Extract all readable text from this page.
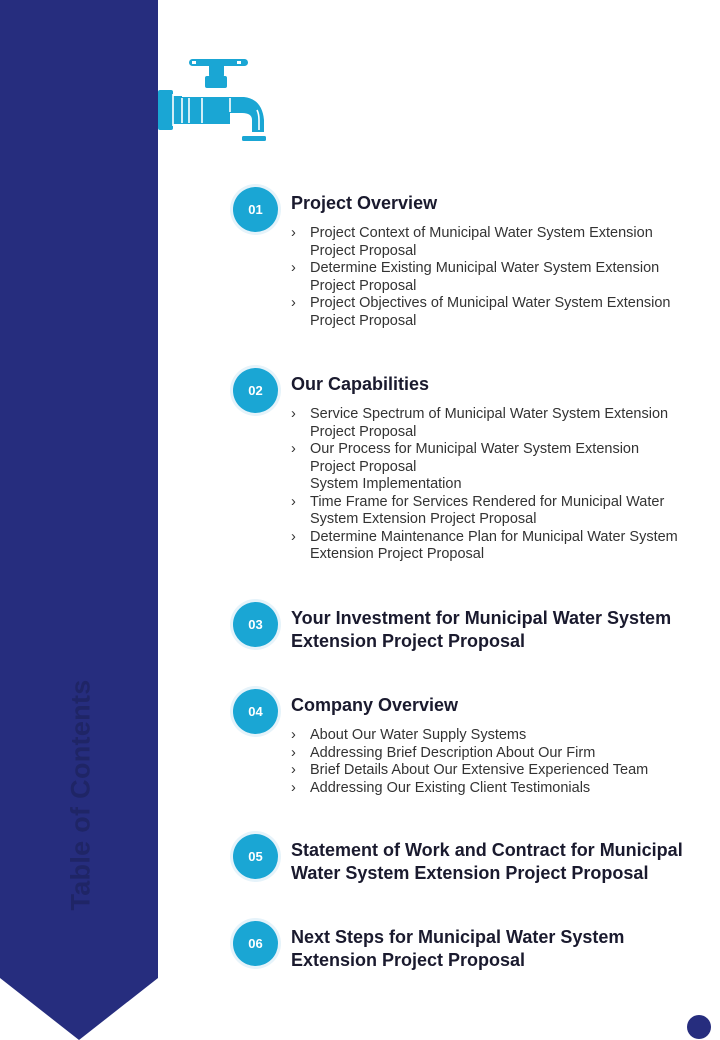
Table of Contents
01	Project Overview
› Project Context of Municipal Water System Extension
Project Proposal
› Determine Existing Municipal Water System Extension
Project Proposal
› Project Objectives of Municipal Water System Extension
Project Proposal
02	Our Capabilities
› Service Spectrum of Municipal Water System Extension
Project Proposal
› Our Process for Municipal Water System Extension
Project Proposal
System Implementation
› Time Frame for Services Rendered for Municipal Water
System Extension Project Proposal
› Determine Maintenance Plan for Municipal Water System
Extension Project Proposal
03	Your Investment for Municipal Water System
Extension Project Proposal
04	Company Overview
› About Our Water Supply Systems
› Addressing Brief Description About Our Firm
› Brief Details About Our Extensive Experienced Team
› Addressing Our Existing Client Testimonials
05	Statement of Work and Contract for Municipal
Water System Extension Project Proposal
06	Next Steps for Municipal Water System
Extension Project Proposal
